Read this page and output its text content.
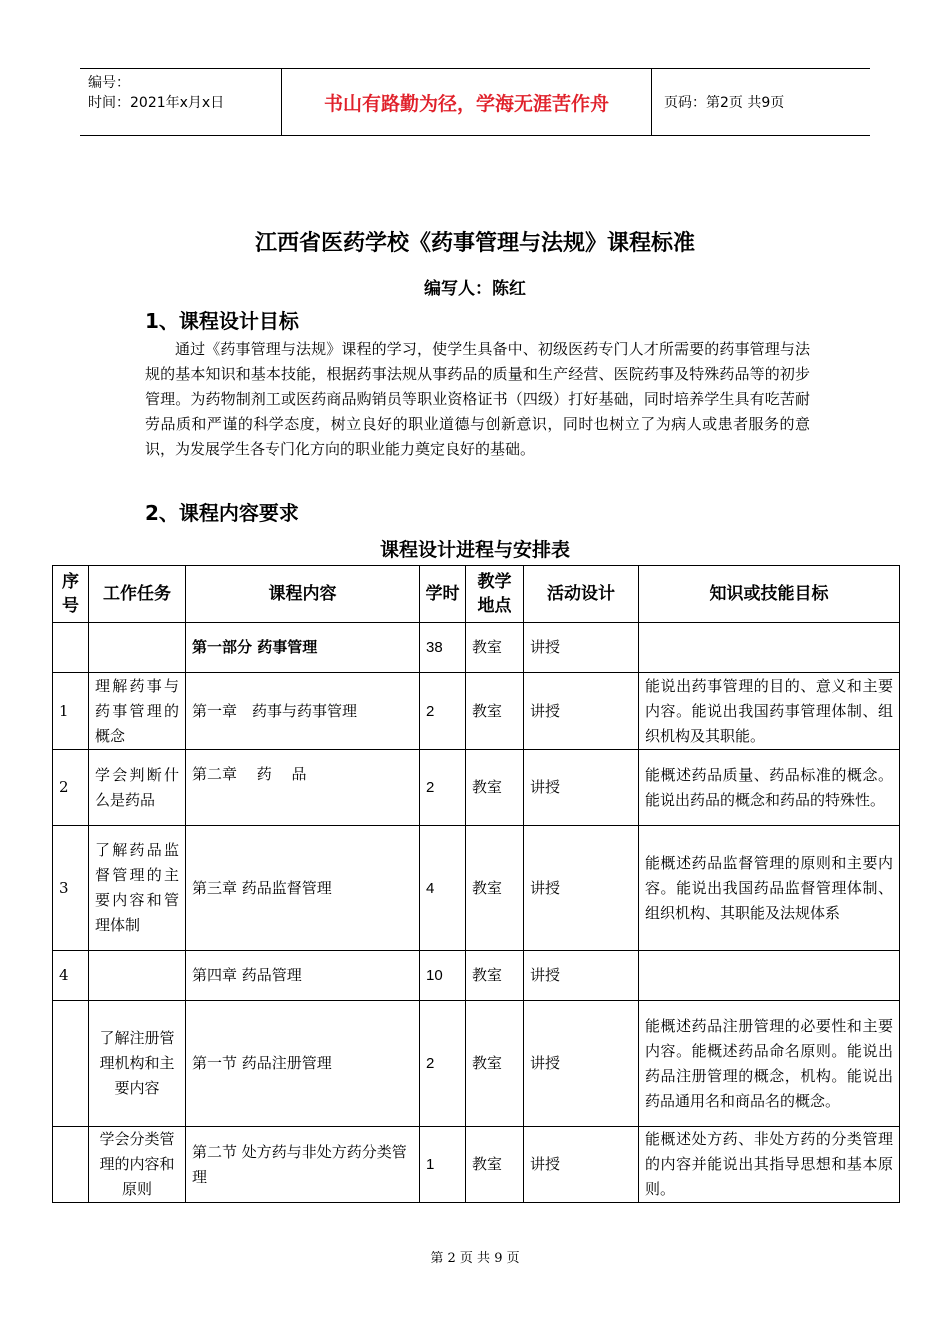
编号：
时间：2021年x月x日	书山有路勤为径，学海无涯苦作舟	页码：第2页 共9页
江西省医药学校《药事管理与法规》课程标准
编写人：陈红
1、课程设计目标
通过《药事管理与法规》课程的学习，使学生具备中、初级医药专门人才所需要的药事管理与法规的基本知识和基本技能，根据药事法规从事药品的质量和生产经营、医院药事及特殊药品等的初步管理。为药物制剂工或医药商品购销员等职业资格证书（四级）打好基础，同时培养学生具有吃苦耐劳品质和严谨的科学态度，树立良好的职业道德与创新意识，同时也树立了为病人或患者服务的意识，为发展学生各专门化方向的职业能力奠定良好的基础。
2、课程内容要求
课程设计进程与安排表
序号	工作任务	课程内容	学时	教学地点	活动设计	知识或技能目标
		第一部分 药事管理	38	教室	讲授	
1	理解药事与药事管理的概念	第一章　药事与药事管理	2	教室	讲授	能说出药事管理的目的、意义和主要内容。能说出我国药事管理体制、组织机构及其职能。
2	学会判断什么是药品	第二章　 药　 品	2	教室	讲授	能概述药品质量、药品标准的概念。能说出药品的概念和药品的特殊性。
3	了解药品监督管理的主要内容和管理体制	第三章 药品监督管理	4	教室	讲授	能概述药品监督管理的原则和主要内容。能说出我国药品监督管理体制、组织机构、其职能及法规体系
4		第四章 药品管理	10	教室	讲授	
	了解注册管理机构和主要内容	第一节 药品注册管理	2	教室	讲授	能概述药品注册管理的必要性和主要内容。能概述药品命名原则。能说出药品注册管理的概念，机构。能说出药品通用名和商品名的概念。
	学会分类管理的内容和原则	第二节 处方药与非处方药分类管理	1	教室	讲授	能概述处方药、非处方药的分类管理的内容并能说出其指导思想和基本原则。
第 2 页 共 9 页
